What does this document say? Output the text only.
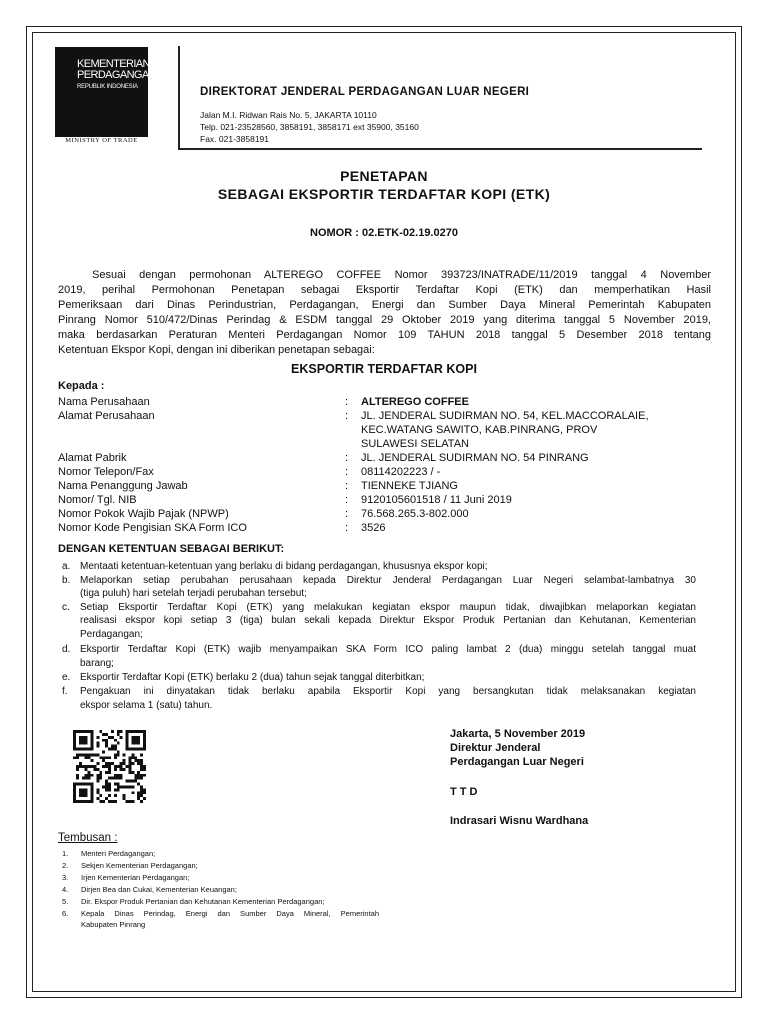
KEMENTERIAN
PERDAGANGAN
REPUBLIK INDONESIA
MINISTRY OF TRADE
DIREKTORAT JENDERAL PERDAGANGAN LUAR NEGERI
Jalan M.I. Ridwan Rais No. 5, JAKARTA 10110
Telp. 021-23528560, 3858191, 3858171 ext 35900, 35160
Fax. 021-3858191
PENETAPAN
SEBAGAI EKSPORTIR TERDAFTAR KOPI (ETK)
NOMOR : 02.ETK-02.19.0270
Sesuai dengan permohonan ALTEREGO COFFEE Nomor 393723/INATRADE/11/2019 tanggal 4 November
2019, perihal Permohonan Penetapan sebagai Eksportir Terdaftar Kopi (ETK) dan memperhatikan Hasil
Pemeriksaan dari Dinas Perindustrian, Perdagangan, Energi dan Sumber Daya Mineral Pemerintah Kabupaten
Pinrang Nomor 510/472/Dinas Perindag & ESDM tanggal 29 Oktober 2019 yang diterima tanggal 5 November 2019,
maka berdasarkan Peraturan Menteri Perdagangan Nomor 109 TAHUN 2018 tanggal 5 Desember 2018 tentang
Ketentuan Ekspor Kopi, dengan ini diberikan penetapan sebagai:
EKSPORTIR TERDAFTAR KOPI
Kepada :
Nama Perusahaan	: ALTEREGO COFFEE
Alamat Perusahaan	: JL. JENDERAL SUDIRMAN NO. 54, KEL.MACCORALAIE,
KEC.WATANG SAWITO, KAB.PINRANG, PROV
SULAWESI SELATAN
Alamat Pabrik	: JL. JENDERAL SUDIRMAN NO. 54 PINRANG
Nomor Telepon/Fax	: 08114202223 / -
Nama Penanggung Jawab	: TIENNEKE TJIANG
Nomor/ Tgl. NIB	: 9120105601518 / 11 Juni 2019
Nomor Pokok Wajib Pajak (NPWP)	: 76.568.265.3-802.000
Nomor Kode Pengisian SKA Form ICO	: 3526
DENGAN KETENTUAN SEBAGAI BERIKUT:
a. Mentaati ketentuan-ketentuan yang berlaku di bidang perdagangan, khususnya ekspor kopi;
b. Melaporkan setiap perubahan perusahaan kepada Direktur Jenderal Perdagangan Luar Negeri selambat-lambatnya 30
(tiga puluh) hari setelah terjadi perubahan tersebut;
c. Setiap Eksportir Terdaftar Kopi (ETK) yang melakukan kegiatan ekspor maupun tidak, diwajibkan melaporkan kegiatan
realisasi ekspor kopi setiap 3 (tiga) bulan sekali kepada Direktur Ekspor Produk Pertanian dan Kehutanan, Kementerian
Perdagangan;
d. Eksportir Terdaftar Kopi (ETK) wajib menyampaikan SKA Form ICO paling lambat 2 (dua) minggu setelah tanggal muat
barang;
e. Eksportir Terdaftar Kopi (ETK) berlaku 2 (dua) tahun sejak tanggal diterbitkan;
f. Pengakuan ini dinyatakan tidak berlaku apabila Eksportir Kopi yang bersangkutan tidak melaksanakan kegiatan
ekspor selama 1 (satu) tahun.
Jakarta, 5 November 2019
Direktur Jenderal
Perdagangan Luar Negeri
T T D
Indrasari Wisnu Wardhana
Tembusan :
1. Menteri Perdagangan;
2. Sekjen Kementerian Perdagangan;
3. Irjen Kementerian Perdagangan;
4. Dirjen Bea dan Cukai, Kementerian Keuangan;
5. Dir. Ekspor Produk Pertanian dan Kehutanan Kementerian Perdagangan;
6. Kepala Dinas Perindag, Energi dan Sumber Daya Mineral, Pemerintah
Kabupaten Pinrang
